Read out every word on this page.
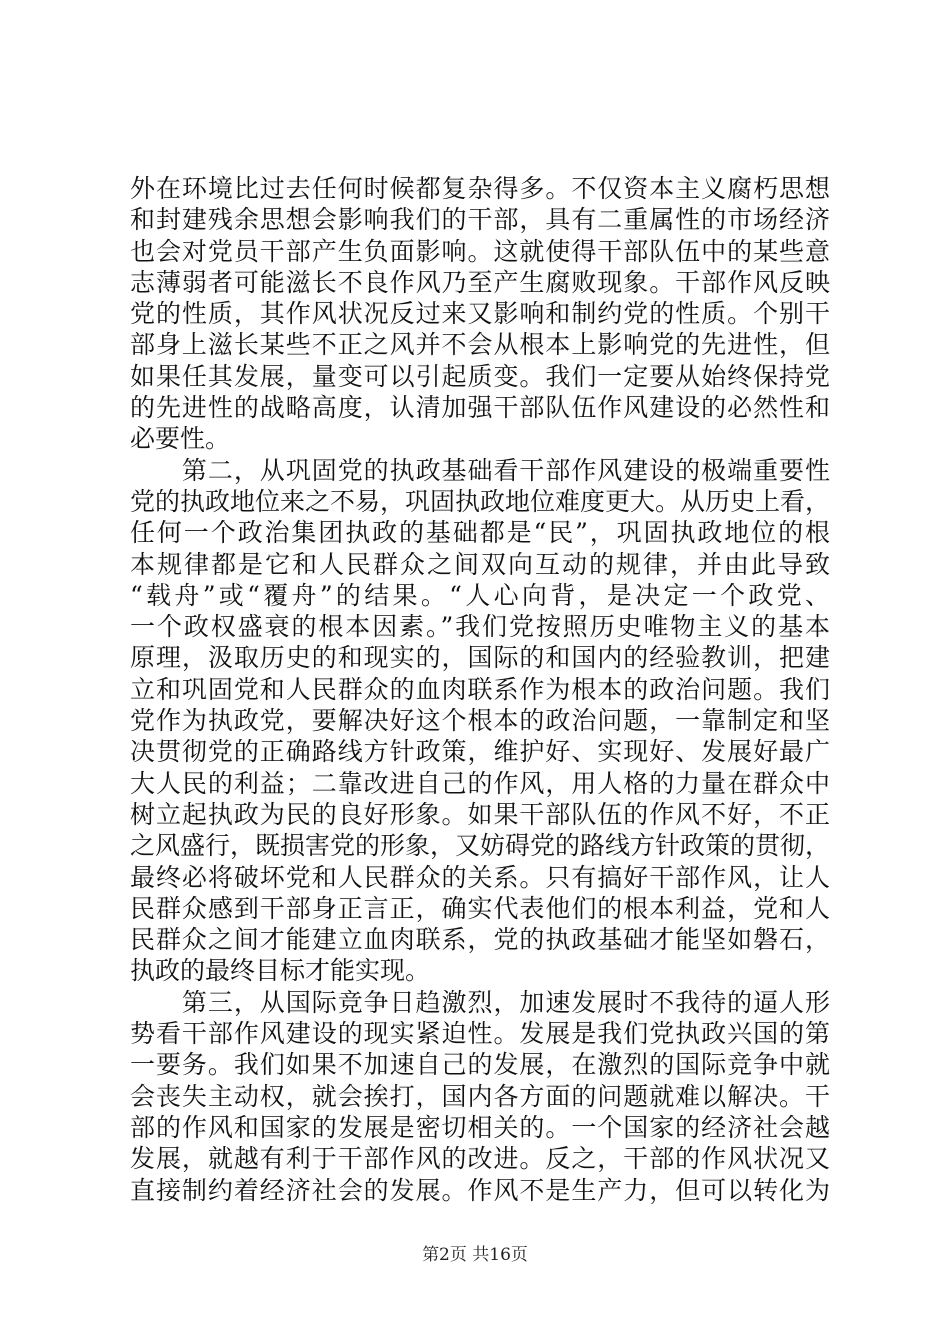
外在环境比过去任何时候都复杂得多。不仅资本主义腐朽思想
和封建残余思想会影响我们的干部，具有二重属性的市场经济
也会对党员干部产生负面影响。这就使得干部队伍中的某些意
志薄弱者可能滋长不良作风乃至产生腐败现象。干部作风反映
党的性质，其作风状况反过来又影响和制约党的性质。个别干
部身上滋长某些不正之风并不会从根本上影响党的先进性，但
如果任其发展，量变可以引起质变。我们一定要从始终保持党
的先进性的战略高度，认清加强干部队伍作风建设的必然性和
必要性。
　　第二，从巩固党的执政基础看干部作风建设的极端重要性
党的执政地位来之不易，巩固执政地位难度更大。从历史上看，
任何一个政治集团执政的基础都是“民”，巩固执政地位的根
本规律都是它和人民群众之间双向互动的规律，并由此导致
“载舟”或“覆舟”的结果。“人心向背，是决定一个政党、
一个政权盛衰的根本因素。”我们党按照历史唯物主义的基本
原理，汲取历史的和现实的，国际的和国内的经验教训，把建
立和巩固党和人民群众的血肉联系作为根本的政治问题。我们
党作为执政党，要解决好这个根本的政治问题，一靠制定和坚
决贯彻党的正确路线方针政策，维护好、实现好、发展好最广
大人民的利益；二靠改进自己的作风，用人格的力量在群众中
树立起执政为民的良好形象。如果干部队伍的作风不好，不正
之风盛行，既损害党的形象，又妨碍党的路线方针政策的贯彻，
最终必将破坏党和人民群众的关系。只有搞好干部作风，让人
民群众感到干部身正言正，确实代表他们的根本利益，党和人
民群众之间才能建立血肉联系，党的执政基础才能坚如磐石，
执政的最终目标才能实现。
　　第三，从国际竞争日趋激烈，加速发展时不我待的逼人形
势看干部作风建设的现实紧迫性。发展是我们党执政兴国的第
一要务。我们如果不加速自己的发展，在激烈的国际竞争中就
会丧失主动权，就会挨打，国内各方面的问题就难以解决。干
部的作风和国家的发展是密切相关的。一个国家的经济社会越
发展，就越有利于干部作风的改进。反之，干部的作风状况又
直接制约着经济社会的发展。作风不是生产力，但可以转化为
第2页 共16页
